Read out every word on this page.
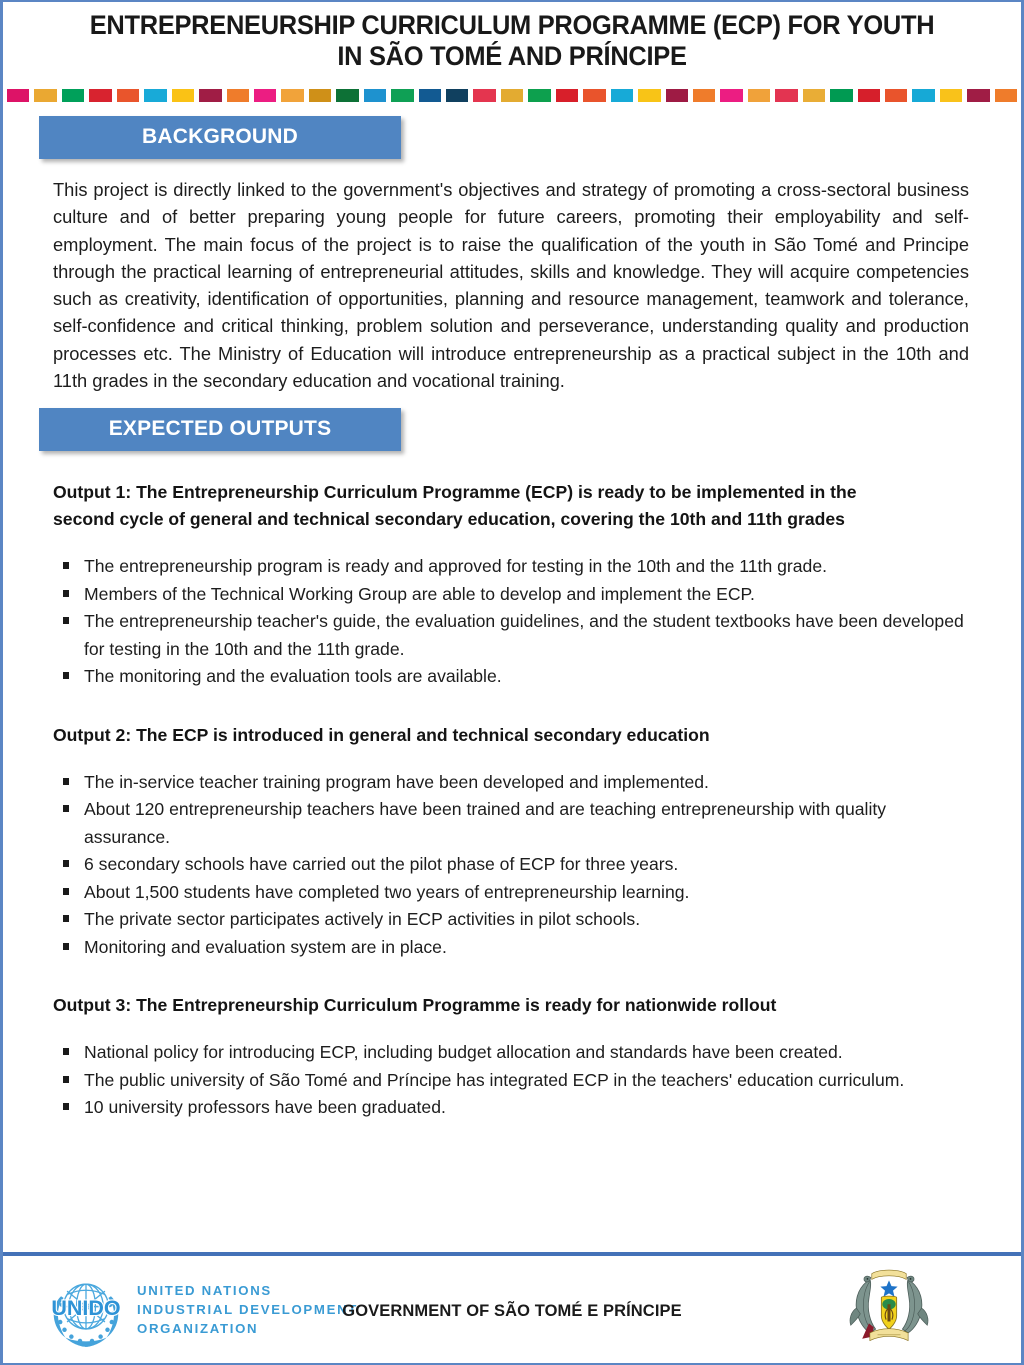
ENTREPRENEURSHIP CURRICULUM PROGRAMME (ECP) FOR YOUTH
IN SÃO TOMÉ AND PRÍNCIPE
BACKGROUND

This project is directly linked to the government's objectives and strategy of promoting a cross-sectoral business culture and of better preparing young people for future careers, promoting their employability and self-employment. The main focus of the project is to raise the qualification of the youth in São Tomé and Principe through the practical learning of entrepreneurial attitudes, skills and knowledge. They will acquire competencies such as creativity, identification of opportunities, planning and resource management, teamwork and tolerance, self-confidence and critical thinking, problem solution and perseverance, understanding quality and production processes etc. The Ministry of Education will introduce entrepreneurship as a practical subject in the 10th and 11th grades in the secondary education and vocational training.

EXPECTED OUTPUTS
Output 1: The Entrepreneurship Curriculum Programme (ECP) is ready to be implemented in the
second cycle of general and technical secondary education, covering the 10th and 11th grades
The entrepreneurship program is ready and approved for testing in the 10th and the 11th grade.
Members of the Technical Working Group are able to develop and implement the ECP.
The entrepreneurship teacher's guide, the evaluation guidelines, and the student textbooks have been developed for testing in the 10th and the 11th grade.
The monitoring and the evaluation tools are available.
Output 2: The ECP is introduced in general and technical secondary education
The in-service teacher training program have been developed and implemented.
About 120 entrepreneurship teachers have been trained and are teaching entrepreneurship with quality assurance.
6 secondary schools have carried out the pilot phase of ECP for three years.
About 1,500 students have completed two years of entrepreneurship learning.
The private sector participates actively in ECP activities in pilot schools.
Monitoring and evaluation system are in place.
Output 3: The Entrepreneurship Curriculum Programme is ready for nationwide rollout
National policy for introducing ECP, including budget allocation and standards have been created.
The public university of São Tomé and Príncipe has integrated ECP in the teachers' education curriculum.
10 university professors have been graduated.
UNIDO
UNITED NATIONS
INDUSTRIAL DEVELOPMENT
ORGANIZATION
GOVERNMENT OF SÃO TOMÉ E PRÍNCIPE
